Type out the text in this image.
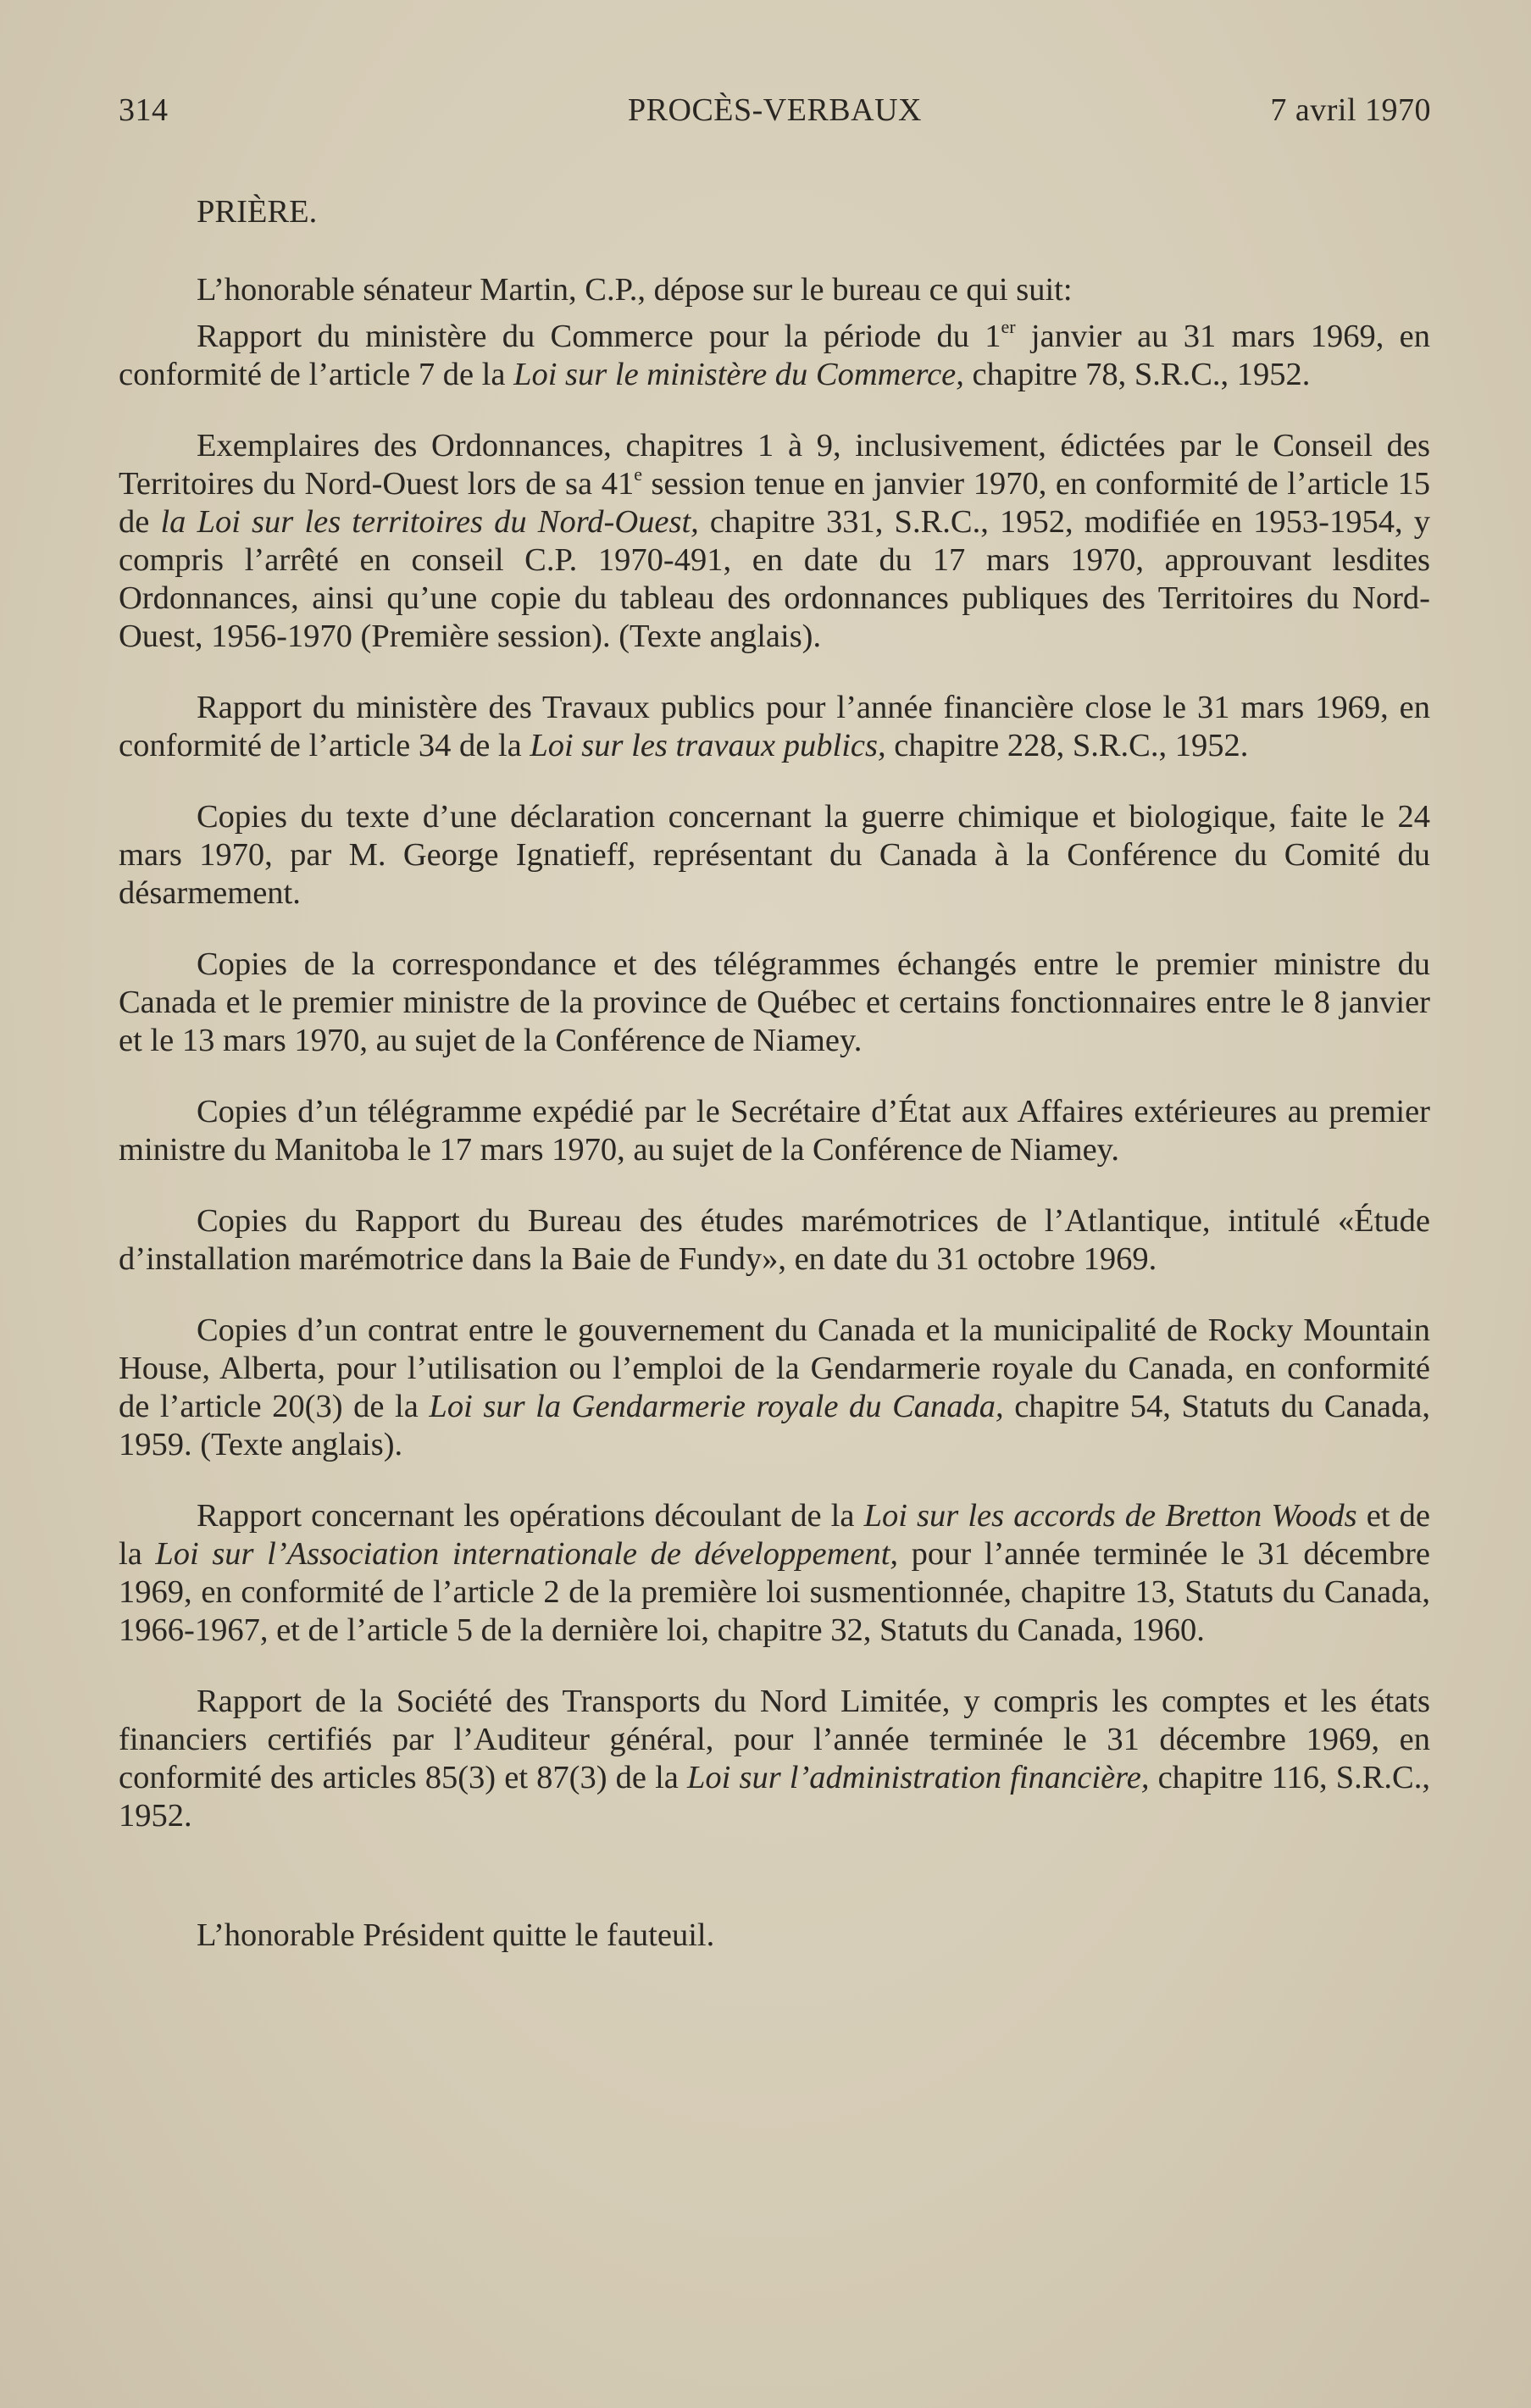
314	PROCÈS-VERBAUX	7 avril 1970
PRIÈRE.

L’honorable sénateur Martin, C.P., dépose sur le bureau ce qui suit:

Rapport du ministère du Commerce pour la période du 1er janvier au 31 mars 1969, en conformité de l’article 7 de la Loi sur le ministère du Commerce, chapitre 78, S.R.C., 1952.

Exemplaires des Ordonnances, chapitres 1 à 9, inclusivement, édictées par le Conseil des Territoires du Nord-Ouest lors de sa 41e session tenue en janvier 1970, en conformité de l’article 15 de la Loi sur les territoires du Nord-Ouest, chapitre 331, S.R.C., 1952, modifiée en 1953-1954, y compris l’arrêté en conseil C.P. 1970-491, en date du 17 mars 1970, approuvant lesdites Ordonnances, ainsi qu’une copie du tableau des ordonnances publiques des Territoires du Nord-Ouest, 1956-1970 (Première session). (Texte anglais).

Rapport du ministère des Travaux publics pour l’année financière close le 31 mars 1969, en conformité de l’article 34 de la Loi sur les travaux publics, chapitre 228, S.R.C., 1952.

Copies du texte d’une déclaration concernant la guerre chimique et biologique, faite le 24 mars 1970, par M. George Ignatieff, représentant du Canada à la Conférence du Comité du désarmement.

Copies de la correspondance et des télégrammes échangés entre le premier ministre du Canada et le premier ministre de la province de Québec et certains fonctionnaires entre le 8 janvier et le 13 mars 1970, au sujet de la Conférence de Niamey.

Copies d’un télégramme expédié par le Secrétaire d’État aux Affaires extérieures au premier ministre du Manitoba le 17 mars 1970, au sujet de la Conférence de Niamey.

Copies du Rapport du Bureau des études marémotrices de l’Atlantique, intitulé «Étude d’installation marémotrice dans la Baie de Fundy», en date du 31 octobre 1969.

Copies d’un contrat entre le gouvernement du Canada et la municipalité de Rocky Mountain House, Alberta, pour l’utilisation ou l’emploi de la Gendarmerie royale du Canada, en conformité de l’article 20(3) de la Loi sur la Gendarmerie royale du Canada, chapitre 54, Statuts du Canada, 1959. (Texte anglais).

Rapport concernant les opérations découlant de la Loi sur les accords de Bretton Woods et de la Loi sur l’Association internationale de développement, pour l’année terminée le 31 décembre 1969, en conformité de l’article 2 de la première loi susmentionnée, chapitre 13, Statuts du Canada, 1966-1967, et de l’article 5 de la dernière loi, chapitre 32, Statuts du Canada, 1960.

Rapport de la Société des Transports du Nord Limitée, y compris les comptes et les états financiers certifiés par l’Auditeur général, pour l’année terminée le 31 décembre 1969, en conformité des articles 85(3) et 87(3) de la Loi sur l’administration financière, chapitre 116, S.R.C., 1952.

L’honorable Président quitte le fauteuil.
